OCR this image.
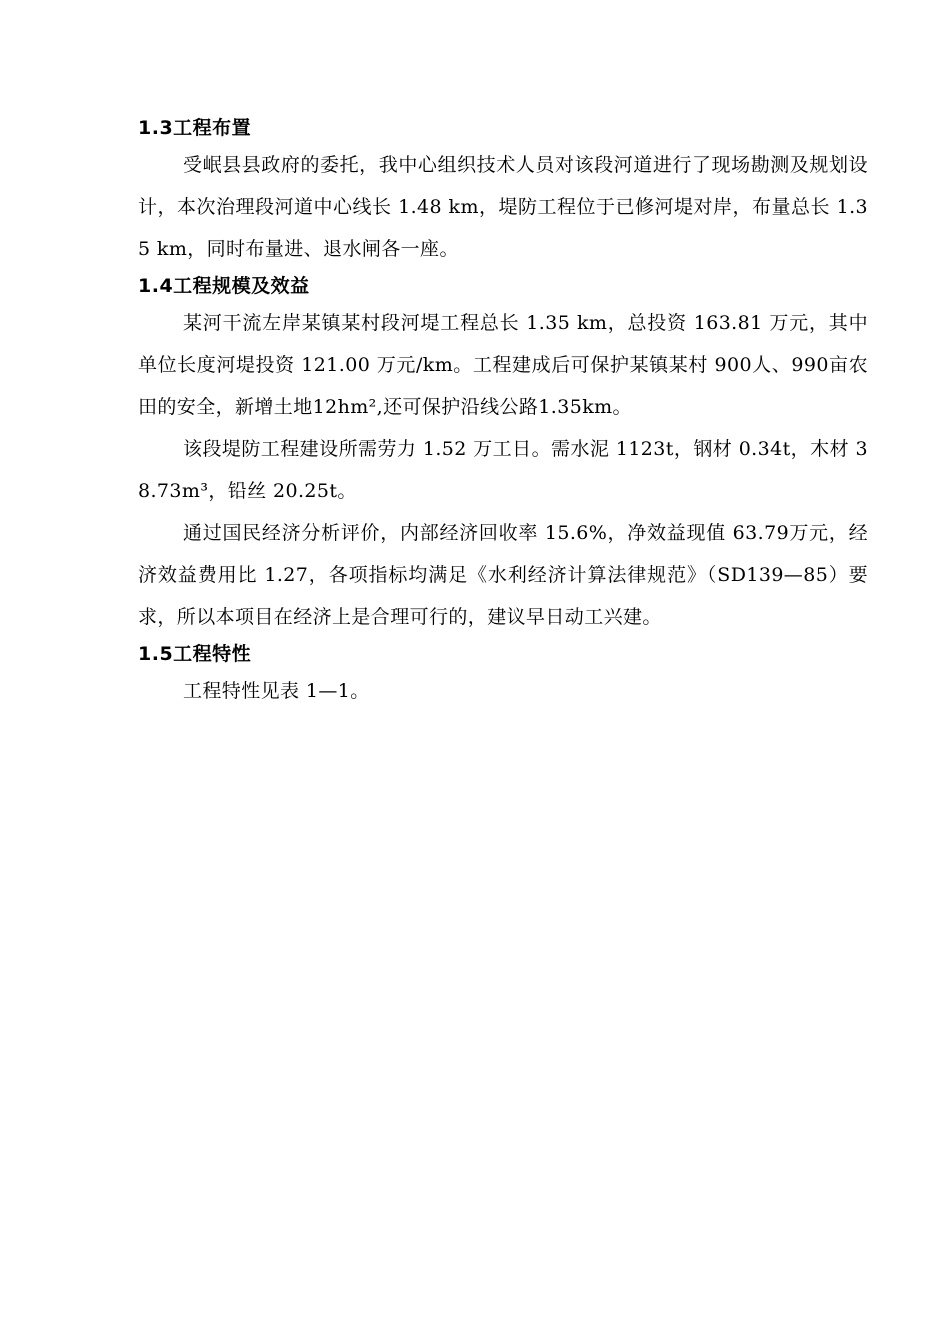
1.3工程布置

受岷县县政府的委托，我中心组织技术人员对该段河道进行了现场勘测及规划设计，本次治理段河道中心线长 1.48 km，堤防工程位于已修河堤对岸，布量总长 1.35 km，同时布量进、退水闸各一座。

1.4工程规模及效益

某河干流左岸某镇某村段河堤工程总长 1.35 km，总投资 163.81 万元，其中单位长度河堤投资 121.00 万元/km。工程建成后可保护某镇某村 900人、990亩农田的安全，新增土地12hm²,还可保护沿线公路1.35km。

该段堤防工程建设所需劳力 1.52 万工日。需水泥 1123t，钢材 0.34t，木材 38.73m³，铅丝 20.25t。

通过国民经济分析评价，内部经济回收率 15.6%，净效益现值 63.79万元，经济效益费用比 1.27，各项指标均满足《水利经济计算法律规范》（SD139—85）要求，所以本项目在经济上是合理可行的，建议早日动工兴建。

1.5工程特性

工程特性见表 1—1。
